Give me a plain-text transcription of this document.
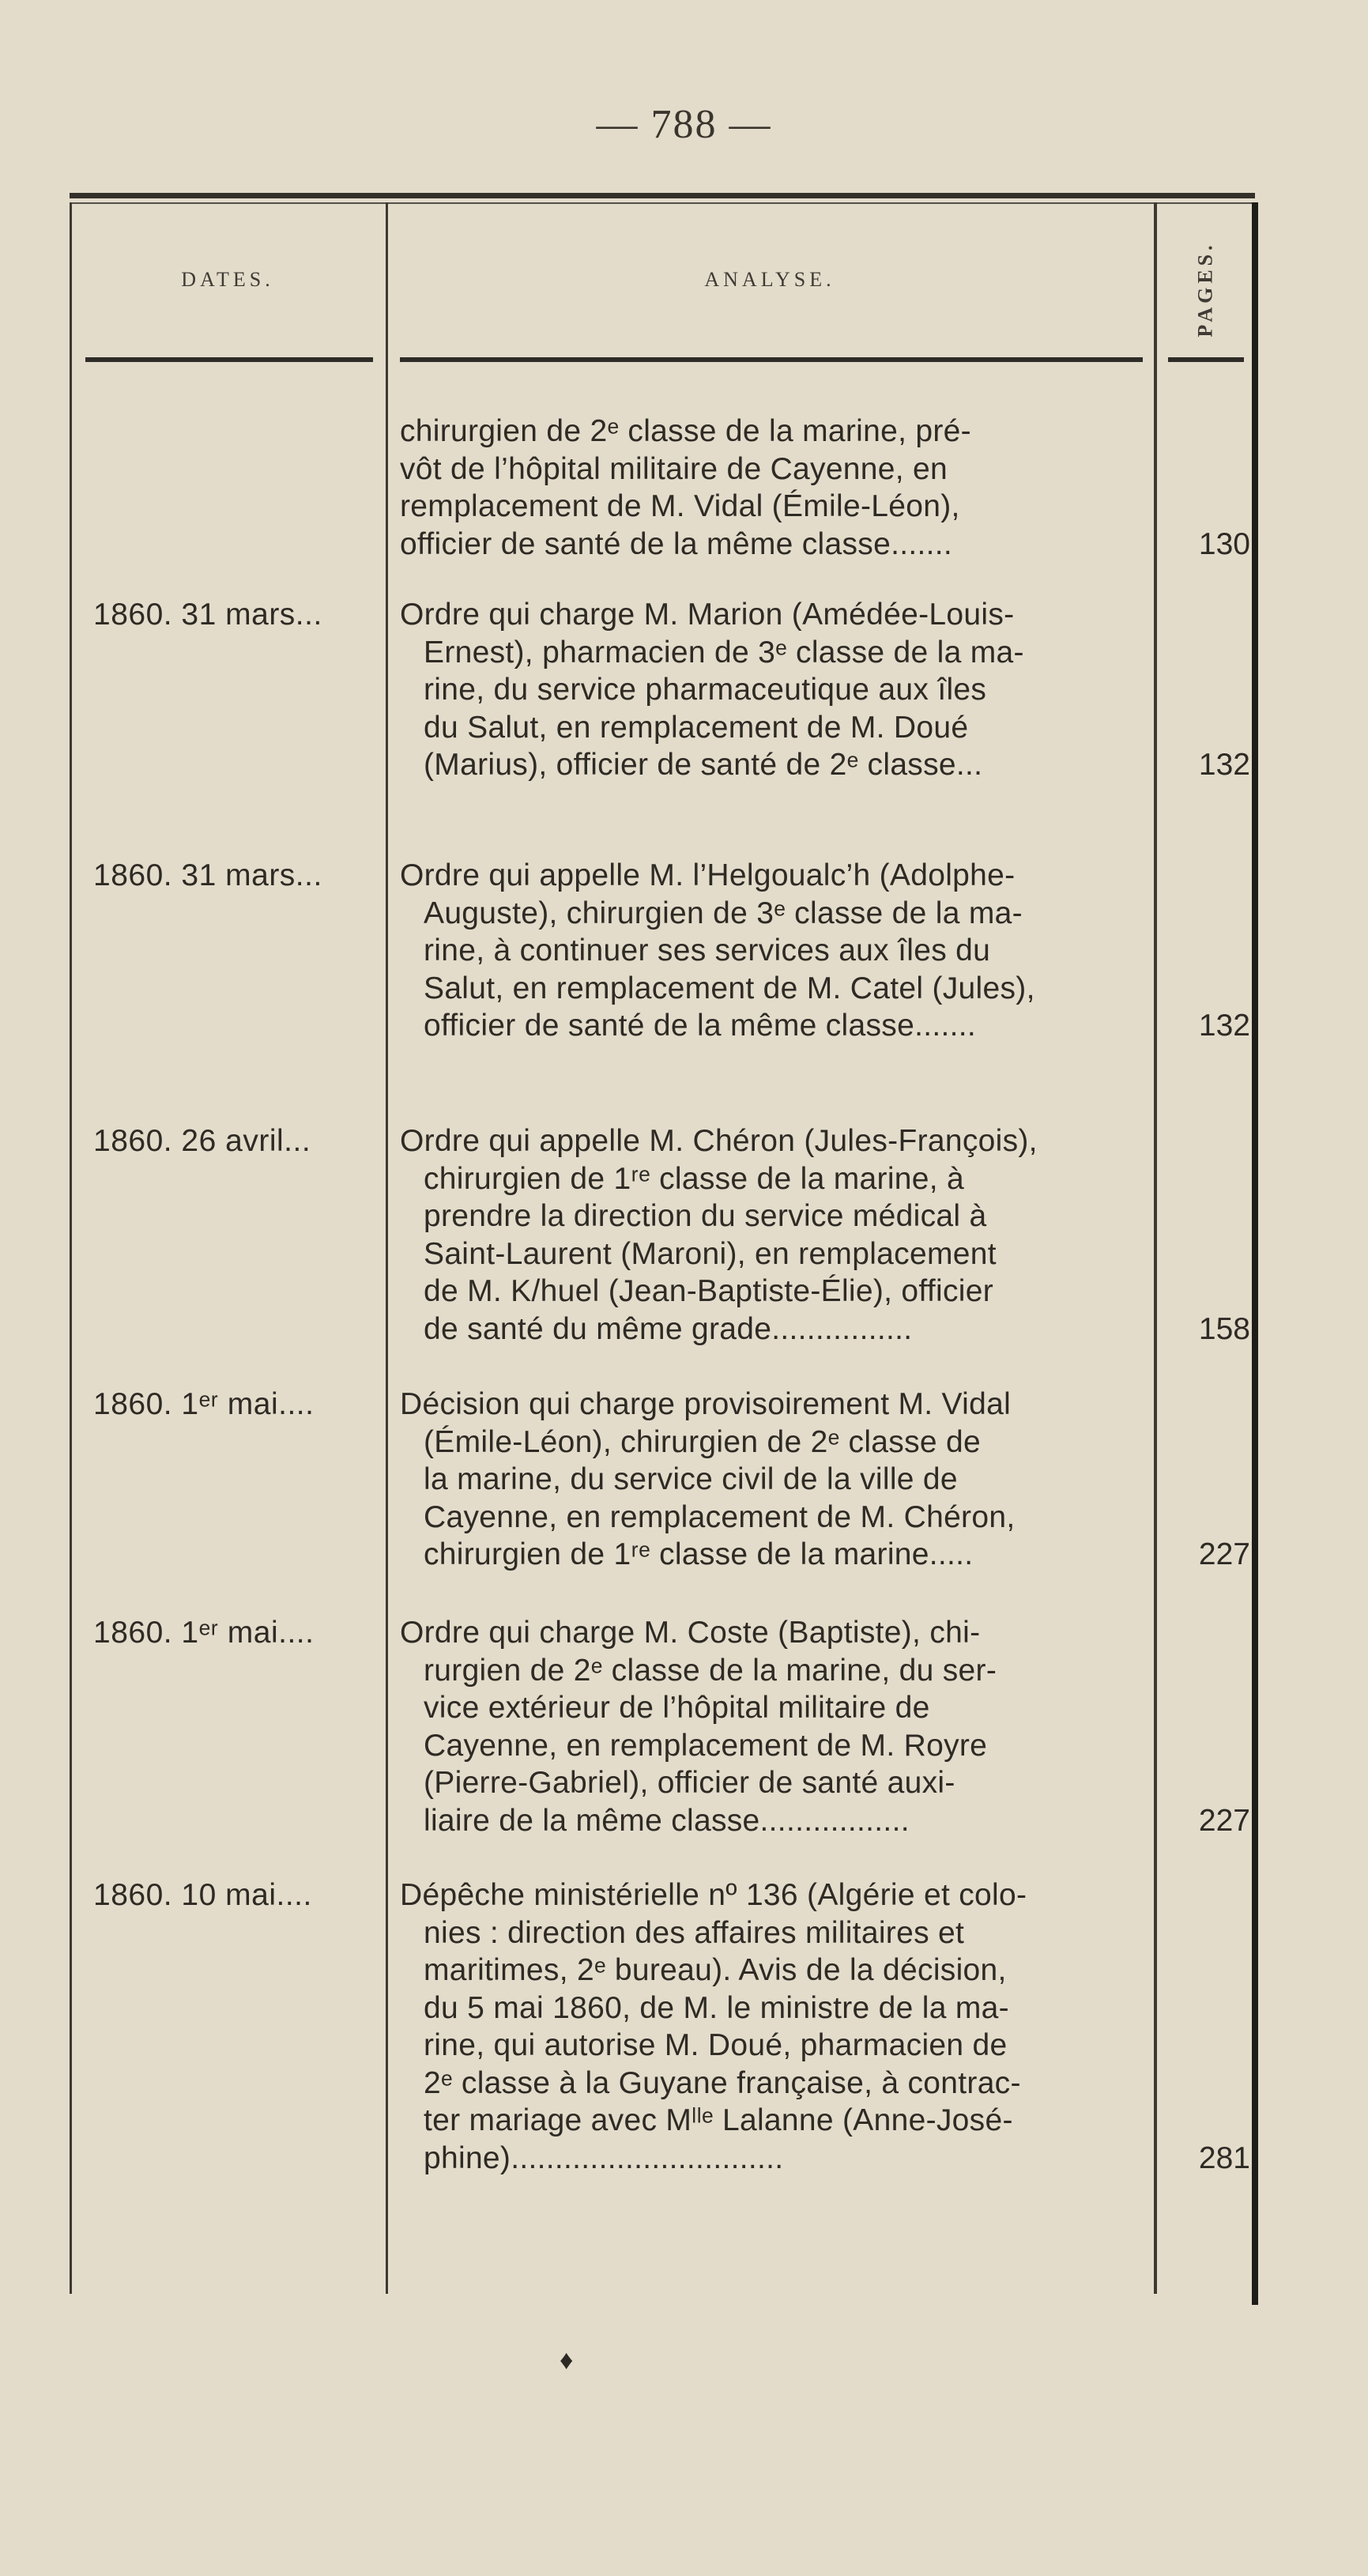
— 788 —
DATES.	ANALYSE.	PAGES.
chirurgien de 2ᵉ classe de la marine, pré-
vôt de l’hôpital militaire de Cayenne, en
remplacement de M. Vidal (Émile-Léon),
officier de santé de la même classe.......	130
1860. 31 mars...	Ordre qui charge M. Marion (Amédée-Louis-
Ernest), pharmacien de 3ᵉ classe de la ma-
rine, du service pharmaceutique aux îles
du Salut, en remplacement de M. Doué
(Marius), officier de santé de 2ᵉ classe...	132
1860. 31 mars...	Ordre qui appelle M. l’Helgoualc’h (Adolphe-
Auguste), chirurgien de 3ᵉ classe de la ma-
rine, à continuer ses services aux îles du
Salut, en remplacement de M. Catel (Jules),
officier de santé de la même classe.......	132
1860. 26 avril...	Ordre qui appelle M. Chéron (Jules-François),
chirurgien de 1ʳᵉ classe de la marine, à
prendre la direction du service médical à
Saint-Laurent (Maroni), en remplacement
de M. K/huel (Jean-Baptiste-Élie), officier
de santé du même grade................	158
1860. 1ᵉʳ mai....	Décision qui charge provisoirement M. Vidal
(Émile-Léon), chirurgien de 2ᵉ classe de
la marine, du service civil de la ville de
Cayenne, en remplacement de M. Chéron,
chirurgien de 1ʳᵉ classe de la marine.....	227
1860. 1ᵉʳ mai....	Ordre qui charge M. Coste (Baptiste), chi-
rurgien de 2ᵉ classe de la marine, du ser-
vice extérieur de l’hôpital militaire de
Cayenne, en remplacement de M. Royre
(Pierre-Gabriel), officier de santé auxi-
liaire de la même classe.................	227
1860. 10 mai....	Dépêche ministérielle nº 136 (Algérie et colo-
nies : direction des affaires militaires et
maritimes, 2ᵉ bureau). Avis de la décision,
du 5 mai 1860, de M. le ministre de la ma-
rine, qui autorise M. Doué, pharmacien de
2ᵉ classe à la Guyane française, à contrac-
ter mariage avec Mˡˡᵉ Lalanne (Anne-José-
phine)...............................	281
♦
